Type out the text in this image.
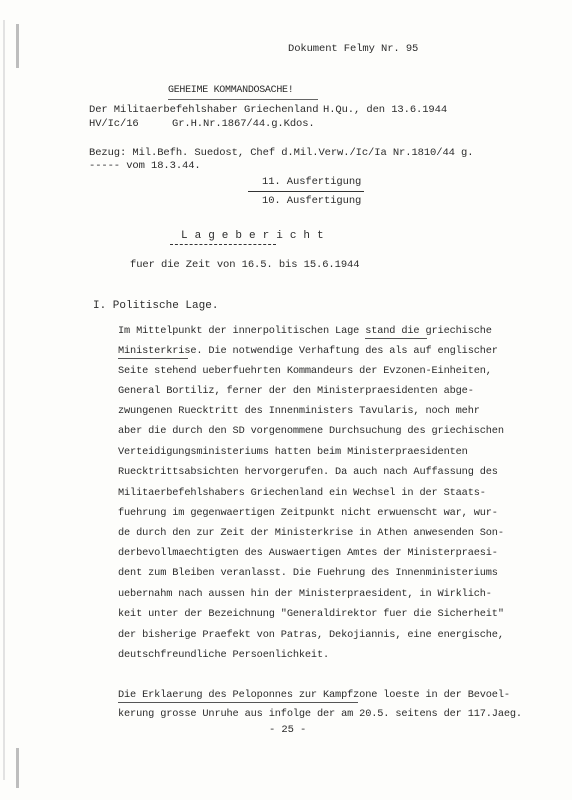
Dokument Felmy Nr. 95
GEHEIME KOMMANDOSACHE!
Der Militaerbefehlshaber Griechenland H.Qu., den 13.6.1944
HV/Ic/16	Gr.H.Nr.1867/44.g.Kdos.
Bezug: Mil.Befh. Suedost, Chef d.Mil.Verw./Ic/Ia Nr.1810/44 g.
----- vom 18.3.44.
11. Ausfertigung
10. Ausfertigung
L a g e b e r i c h t
fuer die Zeit von 16.5. bis 15.6.1944
I. Politische Lage.
Im Mittelpunkt der innerpolitischen Lage stand die griechische
Ministerkrise. Die notwendige Verhaftung des als auf englischer
Seite stehend ueberfuehrten Kommandeurs der Evzonen-Einheiten,
General Bortiliz, ferner der den Ministerpraesidenten abge-
zwungenen Ruecktritt des Innenministers Tavularis, noch mehr
aber die durch den SD vorgenommene Durchsuchung des griechischen
Verteidigungsministeriums hatten beim Ministerpraesidenten
Ruecktrittsabsichten hervorgerufen. Da auch nach Auffassung des
Militaerbefehlshabers Griechenland ein Wechsel in der Staats-
fuehrung im gegenwaertigen Zeitpunkt nicht erwuenscht war, wur-
de durch den zur Zeit der Ministerkrise in Athen anwesenden Son-
derbevollmaechtigten des Auswaertigen Amtes der Ministerpraesi-
dent zum Bleiben veranlasst. Die Fuehrung des Innenministeriums
uebernahm nach aussen hin der Ministerpraesident, in Wirklich-
keit unter der Bezeichnung "Generaldirektor fuer die Sicherheit"
der bisherige Praefekt von Patras, Dekojiannis, eine energische,
deutschfreundliche Persoenlichkeit.
Die Erklaerung des Peloponnes zur Kampfzone loeste in der Bevoel-
kerung grosse Unruhe aus infolge der am 20.5. seitens der 117.Jaeg.
- 25 -
